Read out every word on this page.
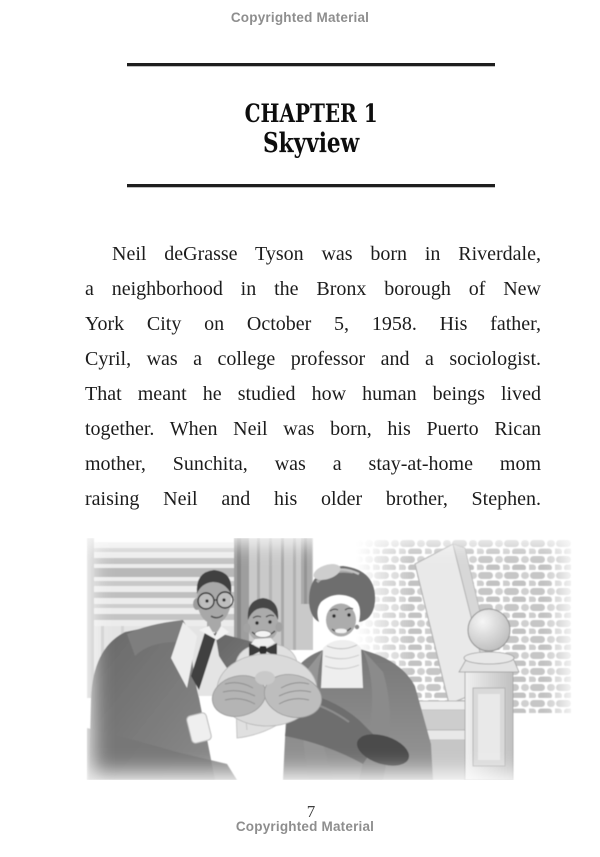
Copyrighted Material
CHAPTER 1
Skyview
Neil deGrasse Tyson was born in Riverdale,
a neighborhood in the Bronx borough of New
York City on October 5, 1958. His father,
Cyril, was a college professor and a sociologist.
That meant he studied how human beings lived
together. When Neil was born, his Puerto Rican
mother, Sunchita, was a stay-at-home mom
raising Neil and his older brother, Stephen.
7
Copyrighted Material
